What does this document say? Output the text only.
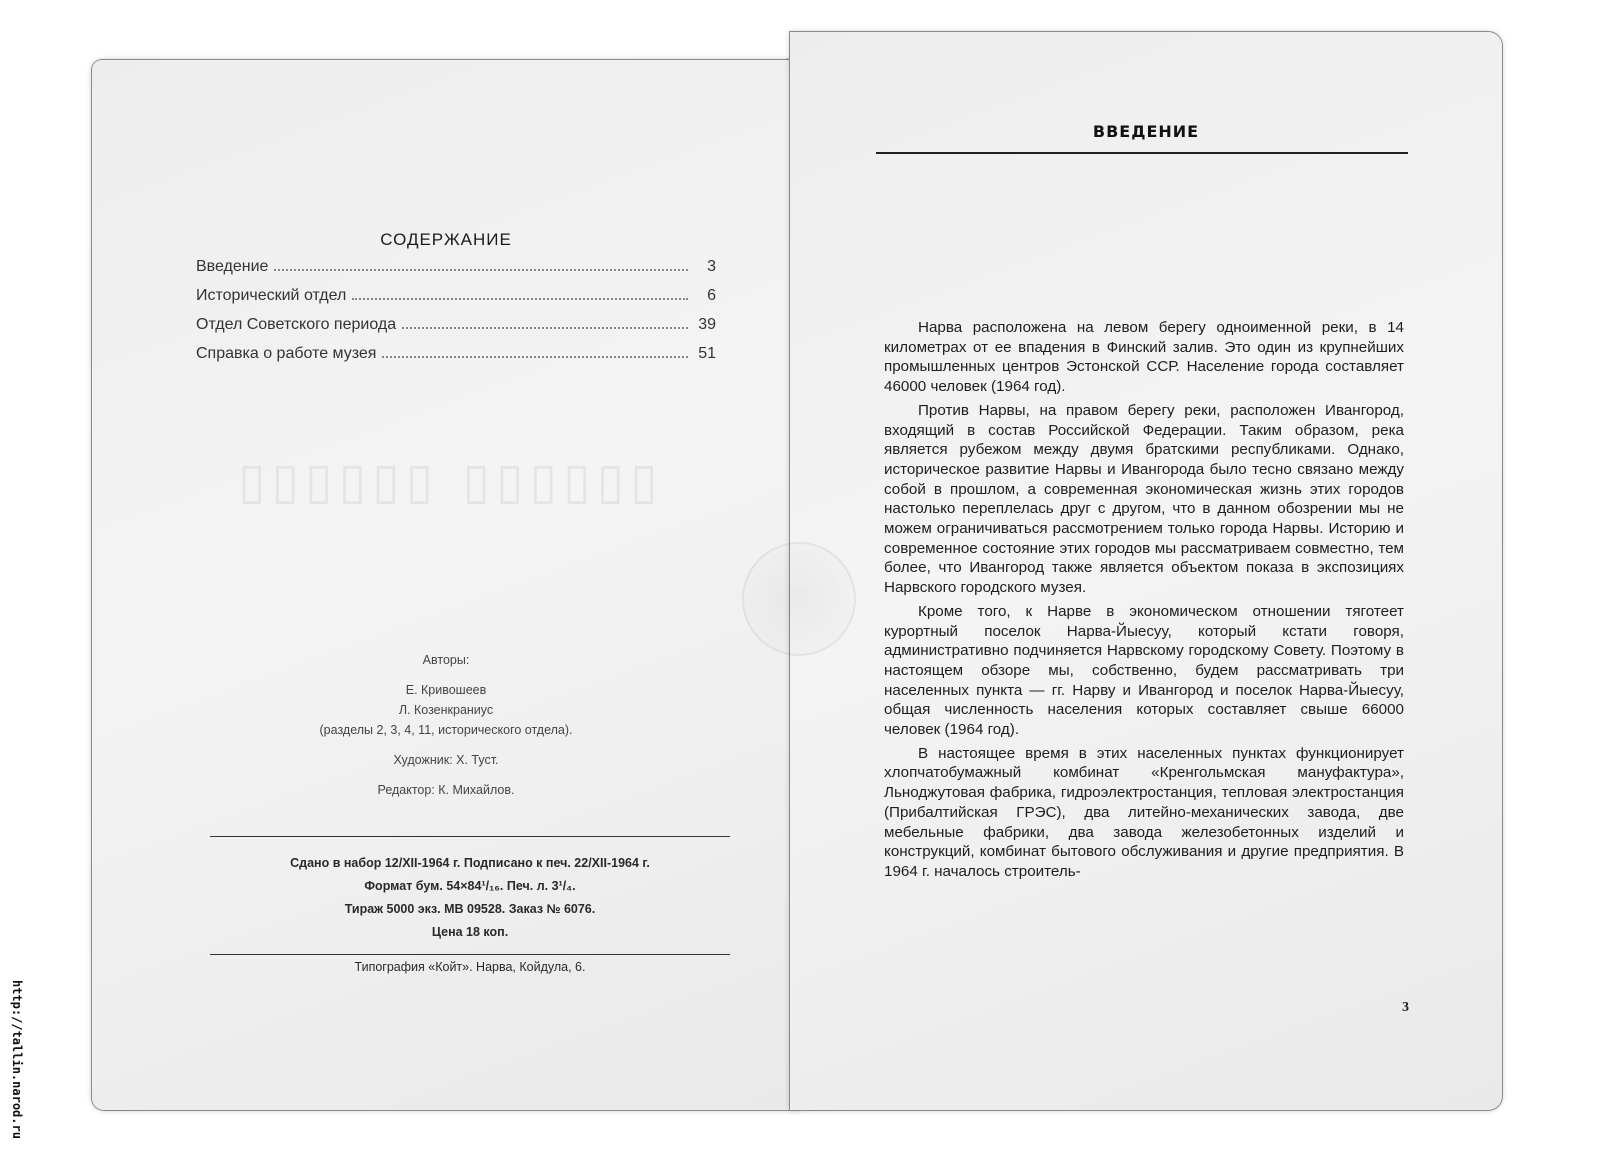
▯▯▯▯▯▯ ▯▯▯▯▯▯
СОДЕРЖАНИЕ
Введение	3
Исторический отдел	6
Отдел Советского периода	39
Справка о работе музея	51
Авторы:
Е. Кривошеев
Л. Козенкраниус
(разделы 2, 3, 4, 11, исторического отдела).
Художник: Х. Туст.
Редактор: К. Михайлов.
Сдано в набор 12/XII-1964 г. Подписано к печ. 22/XII-1964 г.
Формат бум. 54×84¹/₁₆. Печ. л. 3¹/₄.
Тираж 5000 экз. МВ 09528. Заказ № 6076.
Цена 18 коп.
Типография «Койт». Нарва, Койдула, 6.
ВВЕДЕНИЕ

Нарва расположена на левом берегу одноименной реки, в 14 километрах от ее впадения в Финский залив. Это один из крупнейших промышленных центров Эстонской ССР. Население города составляет 46000 человек (1964 год).

Против Нарвы, на правом берегу реки, расположен Ивангород, входящий в состав Российской Федерации. Таким образом, река является рубежом между двумя братскими республиками. Однако, историческое развитие Нарвы и Ивангорода было тесно связано между собой в прошлом, а современная экономическая жизнь этих городов настолько переплелась друг с другом, что в данном обозрении мы не можем ограничиваться рассмотрением только города Нарвы. Историю и современное состояние этих городов мы рассматриваем совместно, тем более, что Ивангород также является объектом показа в экспозициях Нарвского городского музея.

Кроме того, к Нарве в экономическом отношении тяготеет курортный поселок Нарва-Йыесуу, который кстати говоря, административно подчиняется Нарвскому городскому Совету. Поэтому в настоящем обзоре мы, собственно, будем рассматривать три населенных пункта — гг. Нарву и Ивангород и поселок Нарва-Йыесуу, общая численность населения которых составляет свыше 66000 человек (1964 год).

В настоящее время в этих населенных пунктах функционирует хлопчатобумажный комбинат «Кренгольмская мануфактура», Льноджутовая фабрика, гидроэлектростанция, тепловая электростанция (Прибалтийская ГРЭС), два литейно-механических завода, две мебельные фабрики, два завода железобетонных изделий и конструкций, комбинат бытового обслуживания и другие предприятия. В 1964 г. началось строитель-

3
http://tallin.narod.ru
